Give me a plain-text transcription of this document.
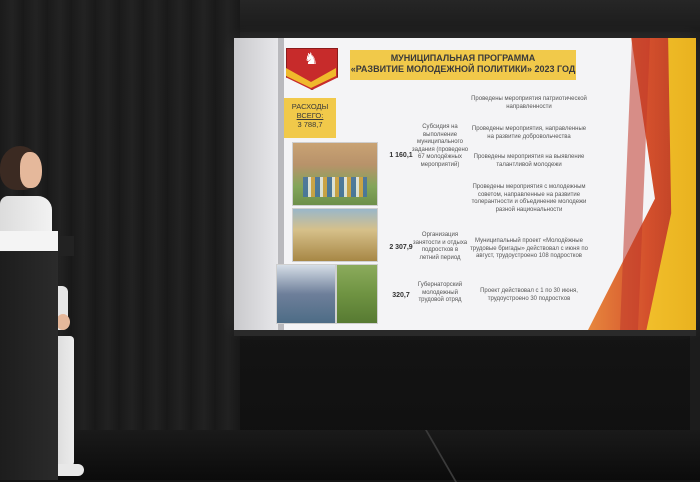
♞	МУНИЦИПАЛЬНАЯ ПРОГРАММА
«РАЗВИТИЕ МОЛОДЕЖНОЙ ПОЛИТИКИ» 2023 ГОД
РАСХОДЫ
ВСЕГО:
3 788,7	Субсидия на выполнение муниципального задания (проведено 67 молодёжных мероприятий)
1 160,1
Проведены мероприятия патриотической направленности
Проведены мероприятия, направленные на развитие добровольчества
Проведены мероприятия на выявление талантливой молодежи
Проведены мероприятия с молодежным советом, направленные на развитие толерантности и объединение молодежи разной национальности
Организация занятости и отдыха подростков в летний период
2 307,9
Муниципальный проект «Молодёжные трудовые бригады» действовал с июня по август, трудоустроено 108 подростков
Губернаторский молодежный трудовой отряд
320,7
Проект действовал с 1 по 30 июня, трудоустроено 30 подростков
